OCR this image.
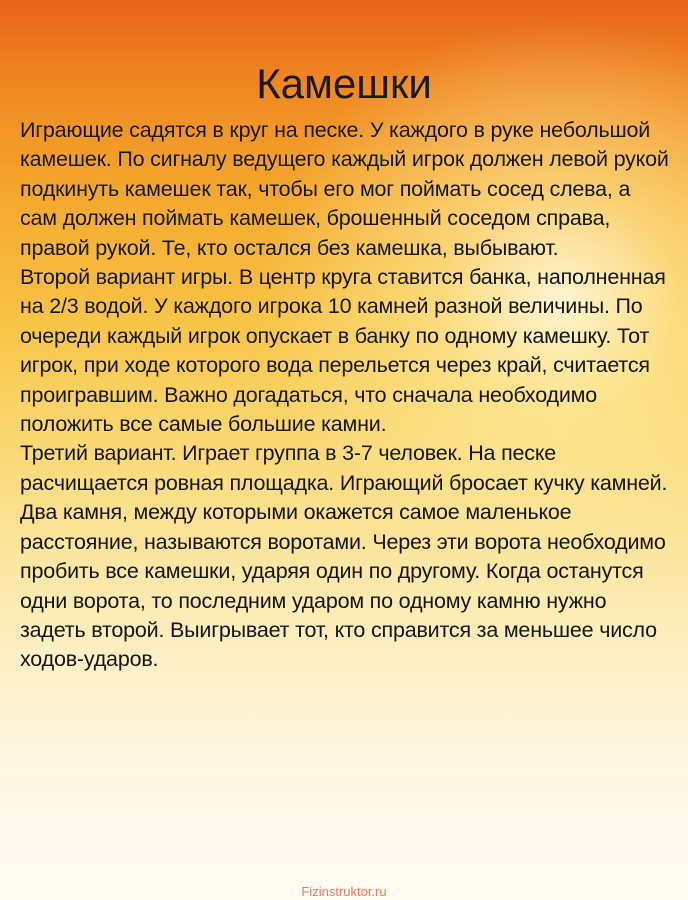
Камешки

Играющие садятся в круг на песке. У каждого в руке небольшой камешек. По сигналу ведущего каждый игрок должен левой рукой подкинуть камешек так, чтобы его мог поймать сосед слева, а сам должен поймать камешек, брошенный соседом справа, правой рукой. Те, кто остался без камешка, выбывают.

Второй вариант игры. В центр круга ставится банка, наполненная на 2/3 водой. У каждого игрока 10 камней разной величины. По очереди каждый игрок опускает в банку по одному камешку. Тот игрок, при ходе которого вода перельется через край, считается проигравшим. Важно догадаться, что сначала необходимо положить все самые большие камни.

Третий вариант. Играет группа в 3-7 человек. На песке расчищается ровная площадка. Играющий бросает кучку камней. Два камня, между которыми окажется самое маленькое расстояние, называются воротами. Через эти ворота необходимо пробить все камешки, ударяя один по другому. Когда останутся одни ворота, то последним ударом по одному камню нужно задеть второй. Выигрывает тот, кто справится за меньшее число ходов-ударов.

Fizinstruktor.ru
